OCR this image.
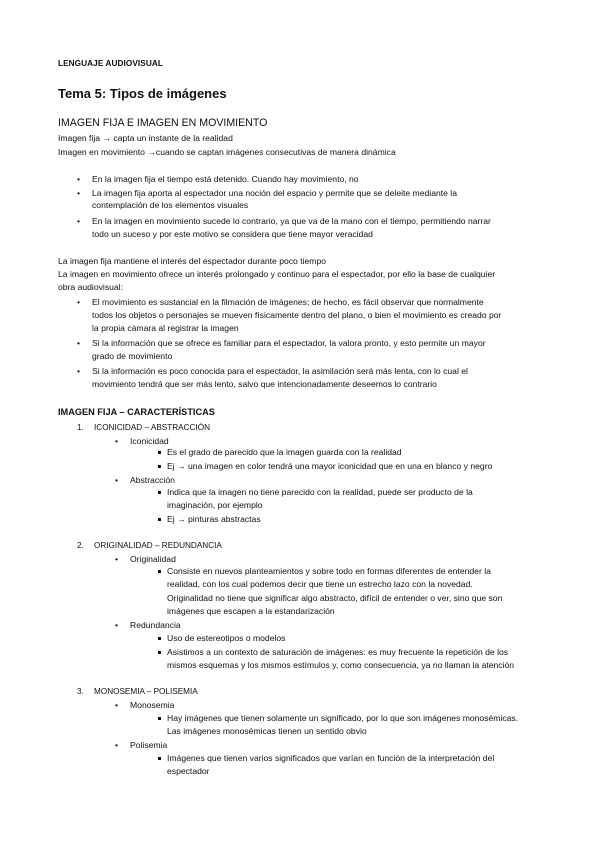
LENGUAJE AUDIOVISUAL
Tema 5: Tipos de imágenes
IMAGEN FIJA E IMAGEN EN MOVIMIENTO
Imagen fija → capta un instante de la realidad
Imagen en movimiento →cuando se captan imágenes consecutivas de manera dinámica
•
En la imagen fija el tiempo está detenido. Cuando hay movimiento, no
•
La imagen fija aporta al espectador una noción del espacio y permite que se deleite mediante la
contemplación de los elementos visuales
•
En la imagen en movimiento sucede lo contrario, ya que va de la mano con el tiempo, permitiendo narrar
todo un suceso y por este motivo se considera que tiene mayor veracidad
La imagen fija mantiene el interés del espectador durante poco tiempo
La imagen en movimiento ofrece un interés prolongado y continuo para el espectador, por ello la base de cualquier
obra audiovisual:
•
El movimiento es sustancial en la filmación de imágenes; de hecho, es fácil observar que normalmente
todos los objetos o personajes se mueven físicamente dentro del plano, o bien el movimiento es creado por
la propia cámara al registrar la imagen
•
Si la información que se ofrece es familiar para el espectador, la valora pronto, y esto permite un mayor
grado de movimiento
•
Si la información es poco conocida para el espectador, la asimilación será más lenta, con lo cual el
movimiento tendrá que ser más lento, salvo que intencionadamente deseemos lo contrario
IMAGEN FIJA – CARACTERÍSTICAS
1. ICONICIDAD – ABSTRACCIÓN
•
Iconicidad
Es el grado de parecido que la imagen guarda con la realidad
Ej → una imagen en color tendrá una mayor iconicidad que en una en blanco y negro
•
Abstracción
Indica que la imagen no tiene parecido con la realidad, puede ser producto de la
imaginación, por ejemplo
Ej → pinturas abstractas
2. ORIGINALIDAD – REDUNDANCIA
•
Originalidad
Consiste en nuevos planteamientos y sobre todo en formas diferentes de entender la
realidad, con los cual podemos decir que tiene un estrecho lazo con la novedad.
Originalidad no tiene que significar algo abstracto, difícil de entender o ver, sino que son
imágenes que escapen a la estandarización
•
Redundancia
Uso de estereotipos o modelos
Asistimos a un contexto de saturación de imágenes: es muy frecuente la repetición de los
mismos esquemas y los mismos estímulos y, como consecuencia, ya no llaman la atención
3. MONOSEMIA – POLISEMIA
•
Monosemia
Hay imágenes que tienen solamente un significado, por lo que son imágenes monosémicas.
Las imágenes monosémicas tienen un sentido obvio
•
Polisemia
Imágenes que tienen varios significados que varían en función de la interpretación del
espectador
